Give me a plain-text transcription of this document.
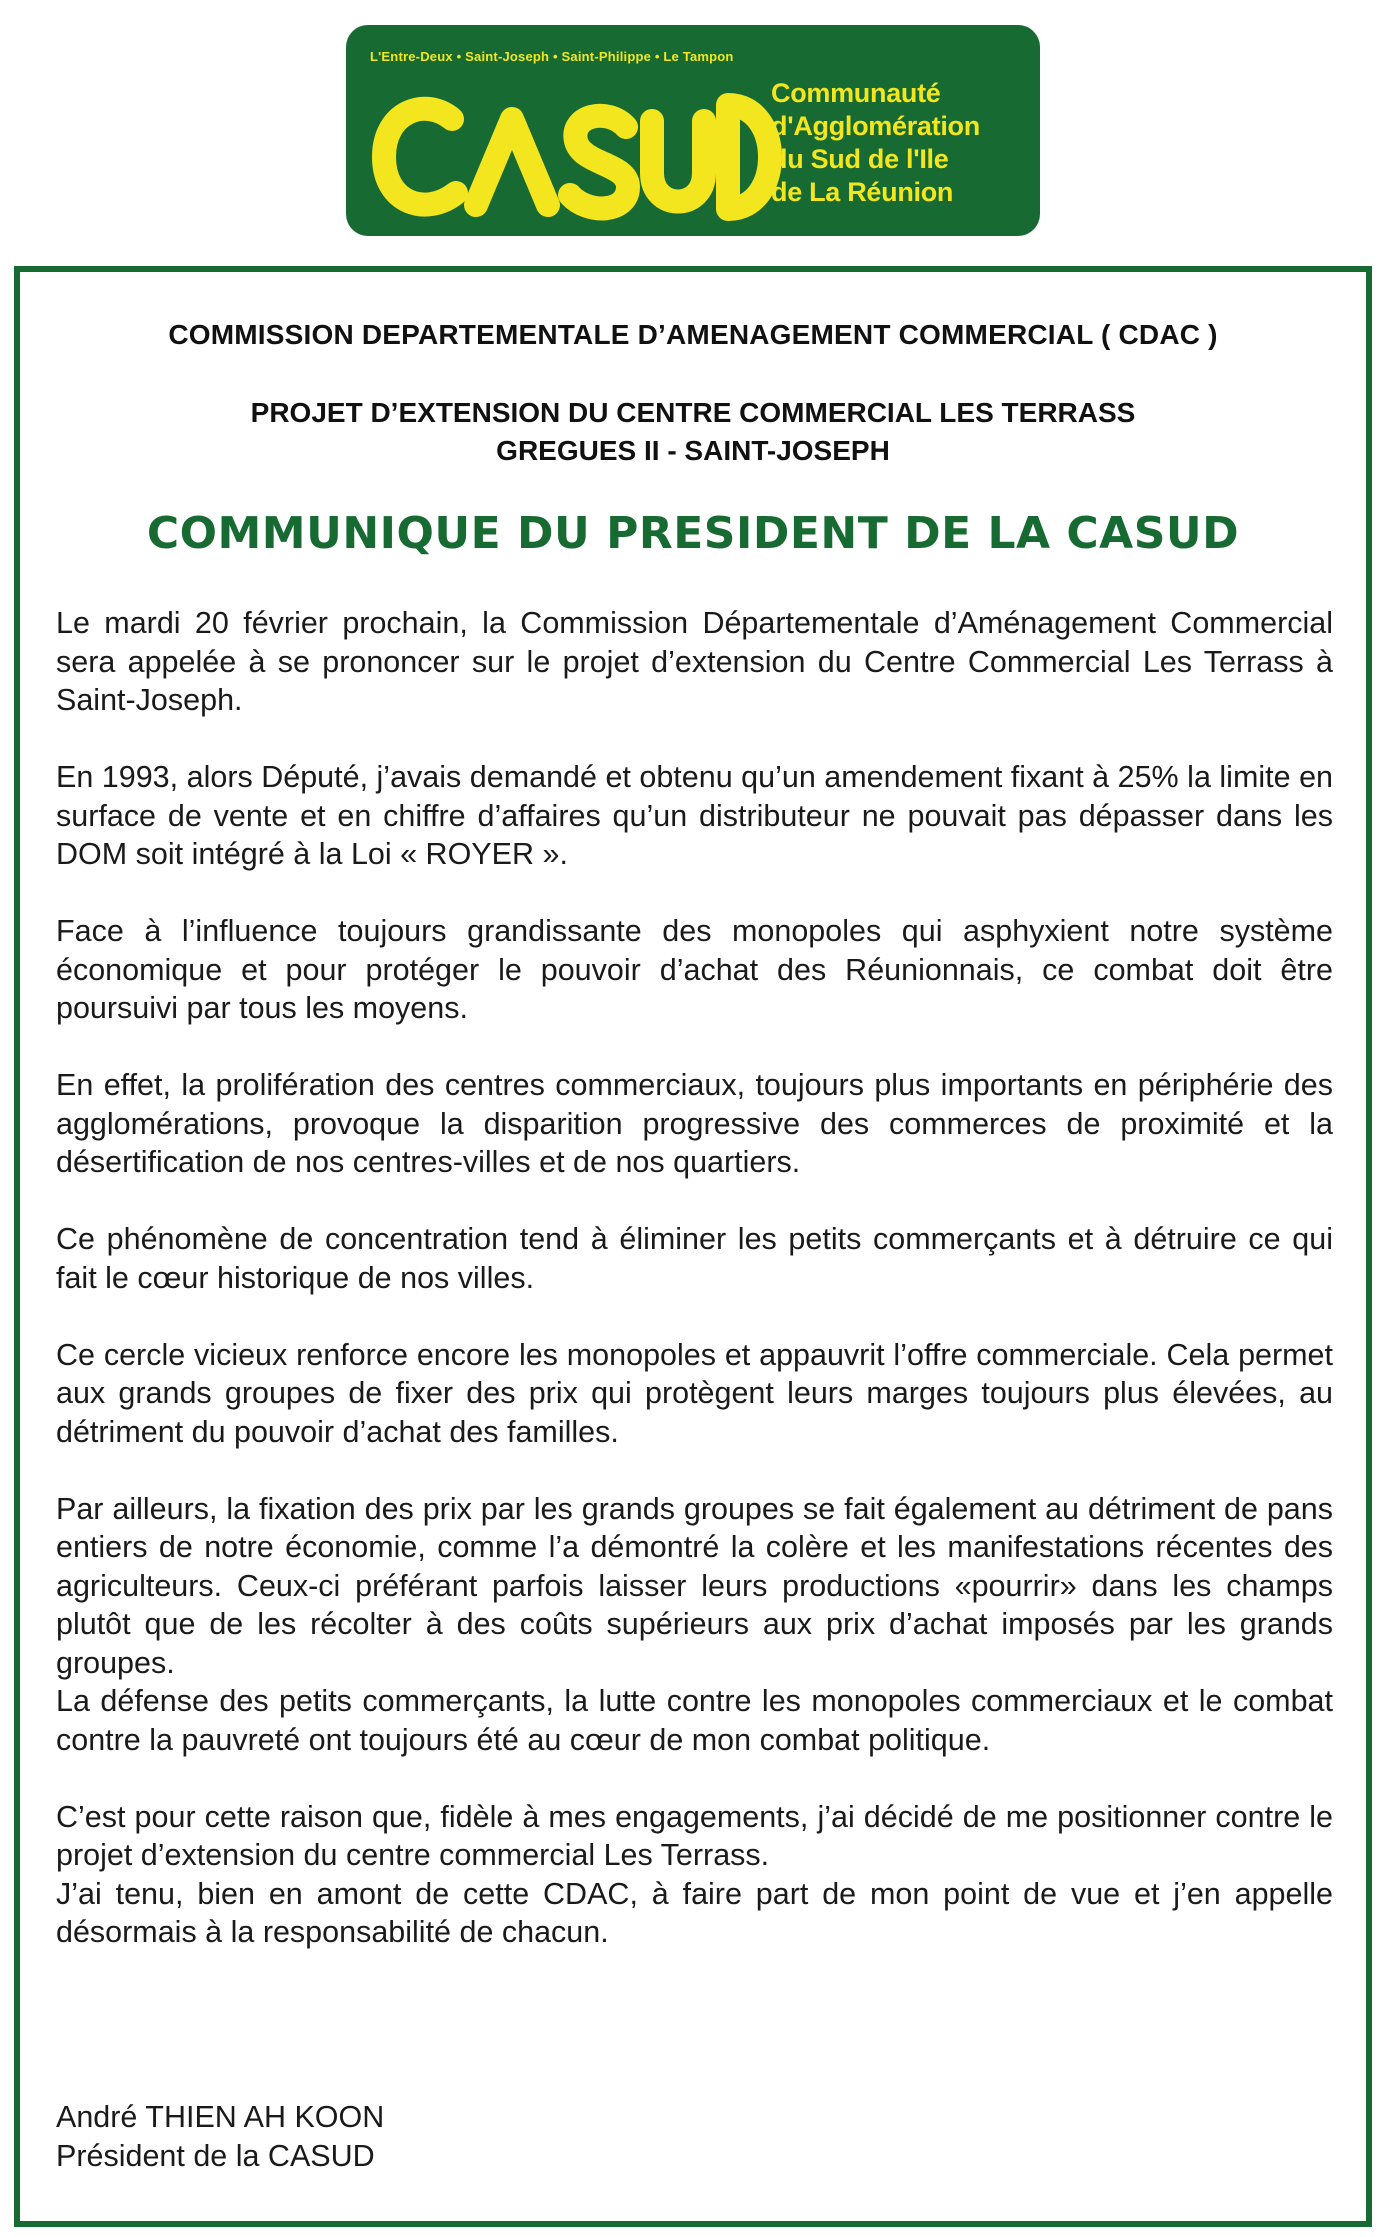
L'Entre-Deux • Saint-Joseph • Saint-Philippe • Le Tampon
Communauté
d'Agglomération
du Sud de l'Ile
de La Réunion
COMMISSION DEPARTEMENTALE D’AMENAGEMENT COMMERCIAL ( CDAC )
PROJET D’EXTENSION DU CENTRE COMMERCIAL LES TERRASS
GREGUES II - SAINT-JOSEPH
COMMUNIQUE DU PRESIDENT DE LA CASUD

Le mardi 20 février prochain, la Commission Départementale d’Aménagement Commercial sera appelée à se prononcer sur le projet d’extension du Centre Commercial Les Terrass à Saint-Joseph.

En 1993, alors Député, j’avais demandé et obtenu qu’un amendement fixant à 25% la limite en surface de vente et en chiffre d’affaires qu’un distributeur ne pouvait pas dépasser dans les DOM soit intégré à la Loi « ROYER ».

Face à l’influence toujours grandissante des monopoles qui asphyxient notre système économique et pour protéger le pouvoir d’achat des Réunionnais, ce combat doit être poursuivi par tous les moyens.

En effet, la prolifération des centres commerciaux, toujours plus importants en périphérie des agglomérations, provoque la disparition progressive des commerces de proximité et la désertification de nos centres-villes et de nos quartiers.

Ce phénomène de concentration tend à éliminer les petits commerçants et à détruire ce qui fait le cœur historique de nos villes.

Ce cercle vicieux renforce encore les monopoles et appauvrit l’offre commerciale. Cela permet aux grands groupes de fixer des prix qui protègent leurs marges toujours plus élevées, au détriment du pouvoir d’achat des familles.

Par ailleurs, la fixation des prix par les grands groupes se fait également au détriment de pans entiers de notre économie, comme l’a démontré la colère et les manifestations récentes des agriculteurs. Ceux-ci préférant parfois laisser leurs productions «pourrir» dans les champs plutôt que de les récolter à des coûts supérieurs aux prix d’achat imposés par les grands groupes.

La défense des petits commerçants, la lutte contre les monopoles commerciaux et le combat contre la pauvreté ont toujours été au cœur de mon combat politique.

C’est pour cette raison que, fidèle à mes engagements, j’ai décidé de me positionner contre le projet d’extension du centre commercial Les Terrass.

J’ai tenu, bien en amont de cette CDAC, à faire part de mon point de vue et j’en appelle désormais à la responsabilité de chacun.

André THIEN AH KOON
Président de la CASUD
